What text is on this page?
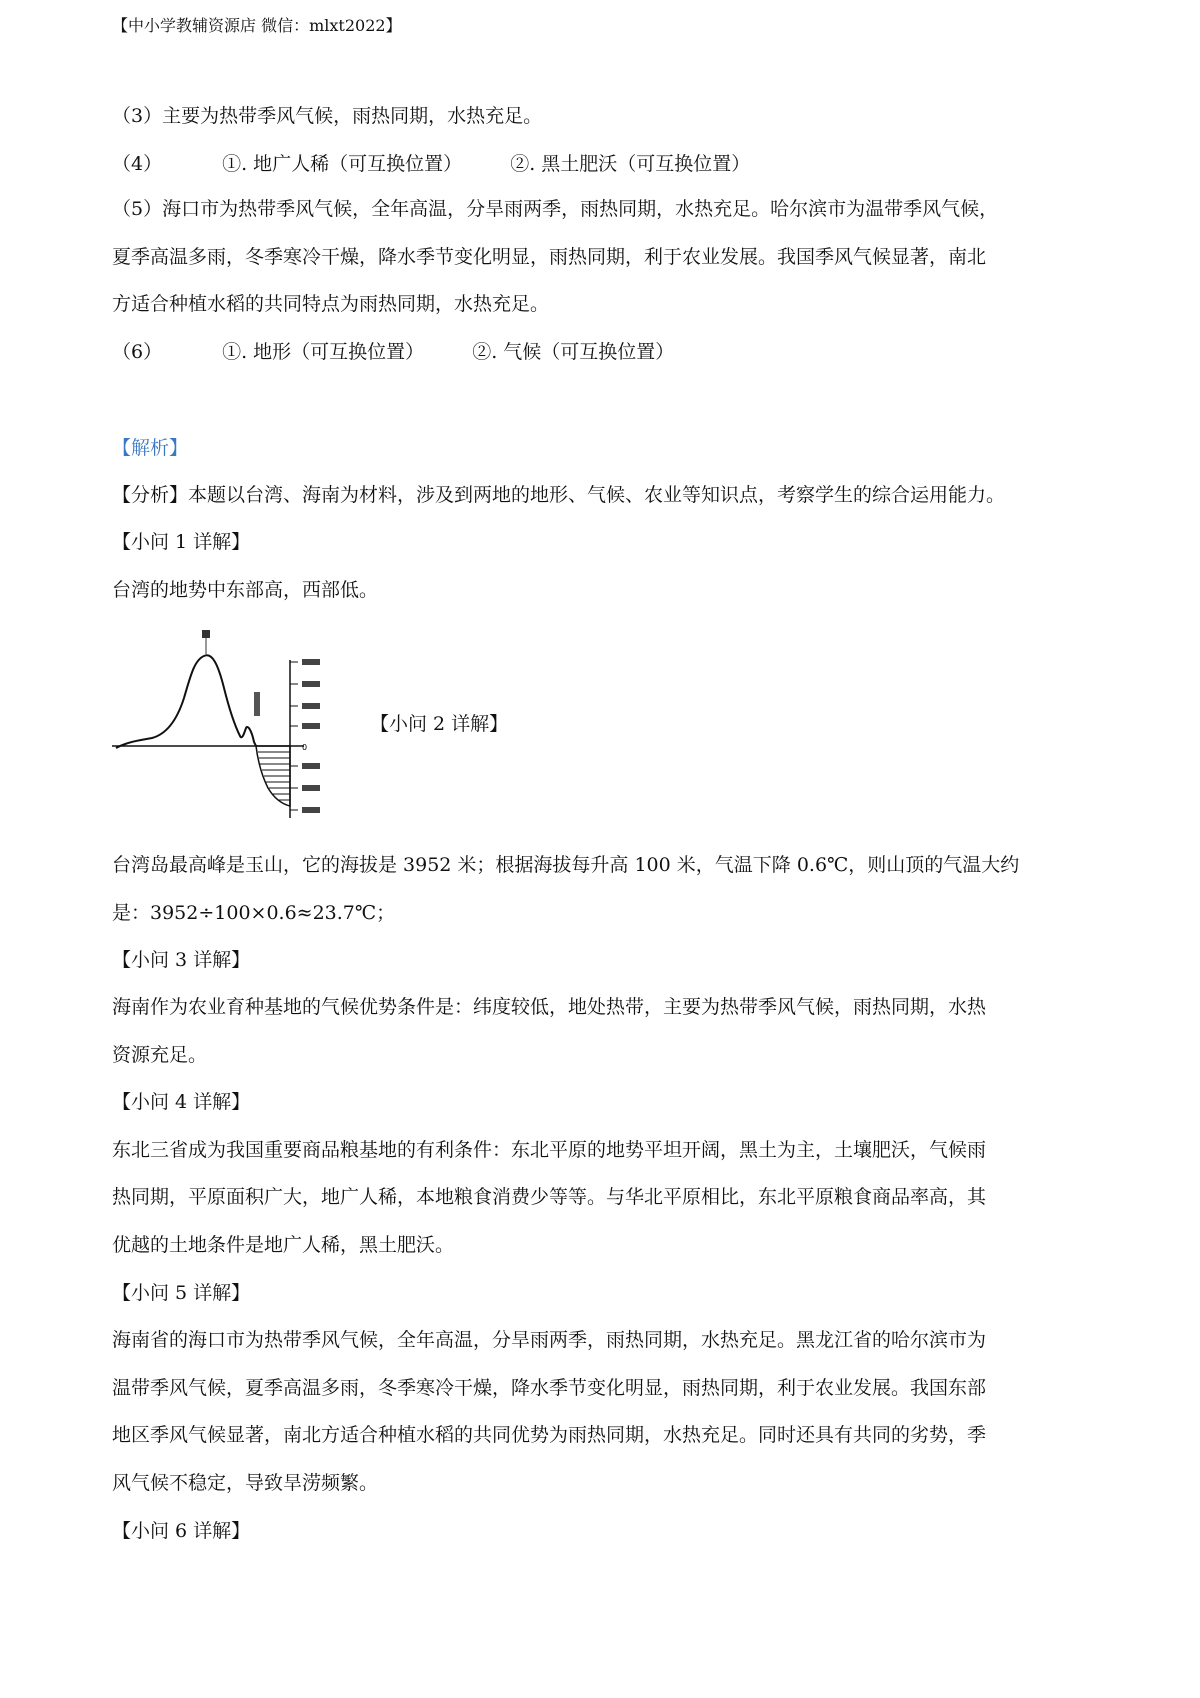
【中小学教辅资源店 微信：mlxt2022】
（3）主要为热带季风气候，雨热同期，水热充足。
（4）	①. 地广人稀（可互换位置）	②. 黑土肥沃（可互换位置）
（5）海口市为热带季风气候，全年高温，分旱雨两季，雨热同期，水热充足。哈尔滨市为温带季风气候，
夏季高温多雨，冬季寒冷干燥，降水季节变化明显，雨热同期，利于农业发展。我国季风气候显著，南北
方适合种植水稻的共同特点为雨热同期，水热充足。
（6）	①. 地形（可互换位置）	②. 气候（可互换位置）
【解析】
【分析】本题以台湾、海南为材料，涉及到两地的地形、气候、农业等知识点，考察学生的综合运用能力。
【小问 1 详解】
台湾的地势中东部高，西部低。
0
【小问 2 详解】
台湾岛最高峰是玉山，它的海拔是 3952 米；根据海拔每升高 100 米，气温下降 0.6℃，则山顶的气温大约
是：3952÷100×0.6≈23.7℃；
【小问 3 详解】
海南作为农业育种基地的气候优势条件是：纬度较低，地处热带，主要为热带季风气候，雨热同期，水热
资源充足。
【小问 4 详解】
东北三省成为我国重要商品粮基地的有利条件：东北平原的地势平坦开阔，黑土为主，土壤肥沃，气候雨
热同期，平原面积广大，地广人稀，本地粮食消费少等等。与华北平原相比，东北平原粮食商品率高，其
优越的土地条件是地广人稀，黑土肥沃。
【小问 5 详解】
海南省的海口市为热带季风气候，全年高温，分旱雨两季，雨热同期，水热充足。黑龙江省的哈尔滨市为
温带季风气候，夏季高温多雨，冬季寒冷干燥，降水季节变化明显，雨热同期，利于农业发展。我国东部
地区季风气候显著，南北方适合种植水稻的共同优势为雨热同期，水热充足。同时还具有共同的劣势，季
风气候不稳定，导致旱涝频繁。
【小问 6 详解】
